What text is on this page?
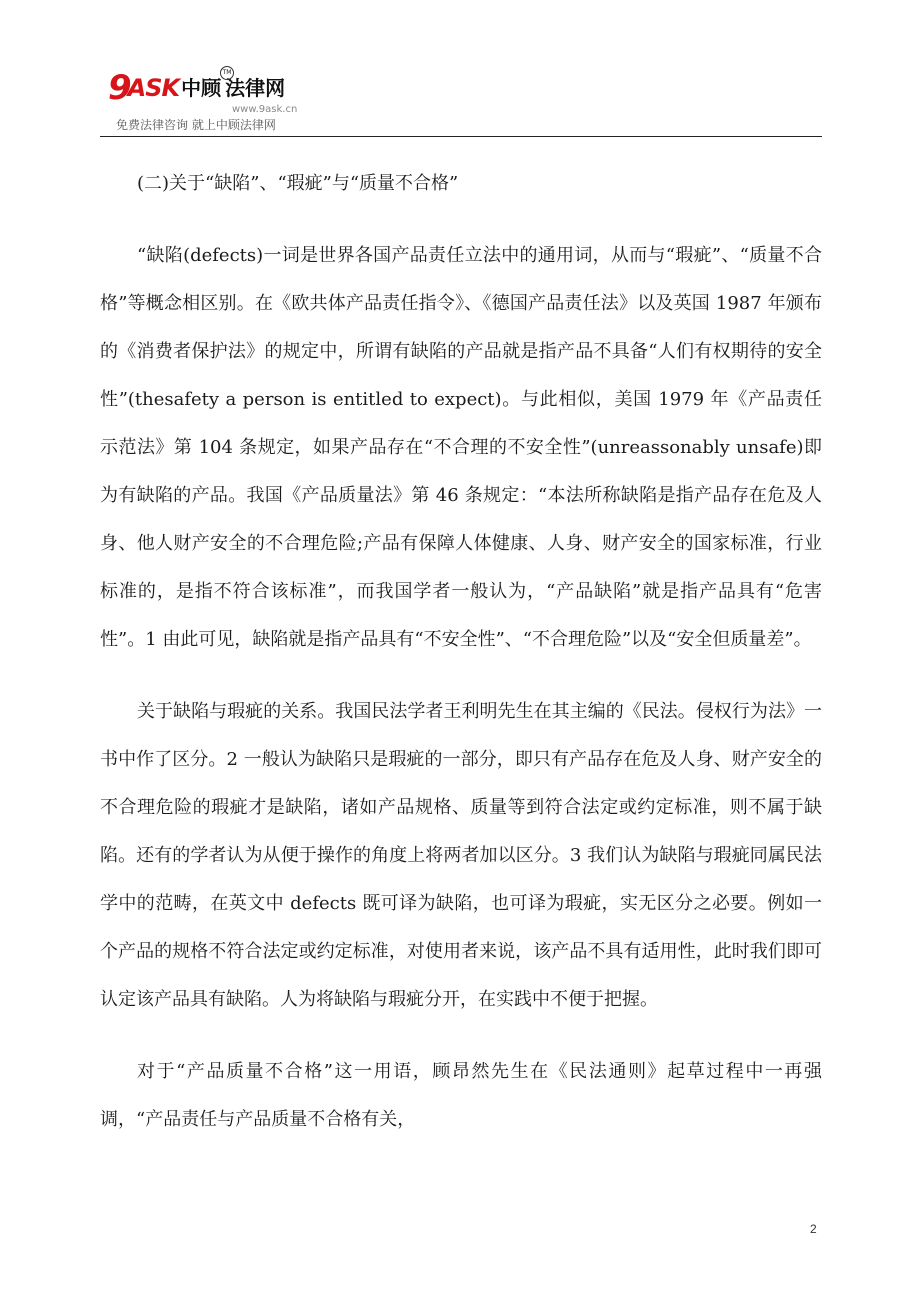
9ASK 中顾 法律网
TM
www.9ask.cn
免费法律咨询 就上中顾法律网

(二)关于“缺陷”、“瑕疵”与“质量不合格”

“缺陷(defects)一词是世界各国产品责任立法中的通用词，从而与“瑕疵”、“质量不合格”等概念相区别。在《欧共体产品责任指令》、《德国产品责任法》以及英国 1987 年颁布的《消费者保护法》的规定中，所谓有缺陷的产品就是指产品不具备“人们有权期待的安全性”(thesafety a person is entitled to expect)。与此相似，美国 1979 年《产品责任示范法》第 104 条规定，如果产品存在“不合理的不安全性”(unreassonably unsafe)即为有缺陷的产品。我国《产品质量法》第 46 条规定：“本法所称缺陷是指产品存在危及人身、他人财产安全的不合理危险;产品有保障人体健康、人身、财产安全的国家标准，行业标准的，是指不符合该标准”，而我国学者一般认为，“产品缺陷”就是指产品具有“危害性”。1 由此可见，缺陷就是指产品具有“不安全性”、“不合理危险”以及“安全但质量差”。

关于缺陷与瑕疵的关系。我国民法学者王利明先生在其主编的《民法。侵权行为法》一书中作了区分。2 一般认为缺陷只是瑕疵的一部分，即只有产品存在危及人身、财产安全的不合理危险的瑕疵才是缺陷，诸如产品规格、质量等到符合法定或约定标准，则不属于缺陷。还有的学者认为从便于操作的角度上将两者加以区分。3 我们认为缺陷与瑕疵同属民法学中的范畴，在英文中 defects 既可译为缺陷，也可译为瑕疵，实无区分之必要。例如一个产品的规格不符合法定或约定标准，对使用者来说，该产品不具有适用性，此时我们即可认定该产品具有缺陷。人为将缺陷与瑕疵分开，在实践中不便于把握。

对于“产品质量不合格”这一用语，顾昂然先生在《民法通则》起草过程中一再强调，“产品责任与产品质量不合格有关，

2
